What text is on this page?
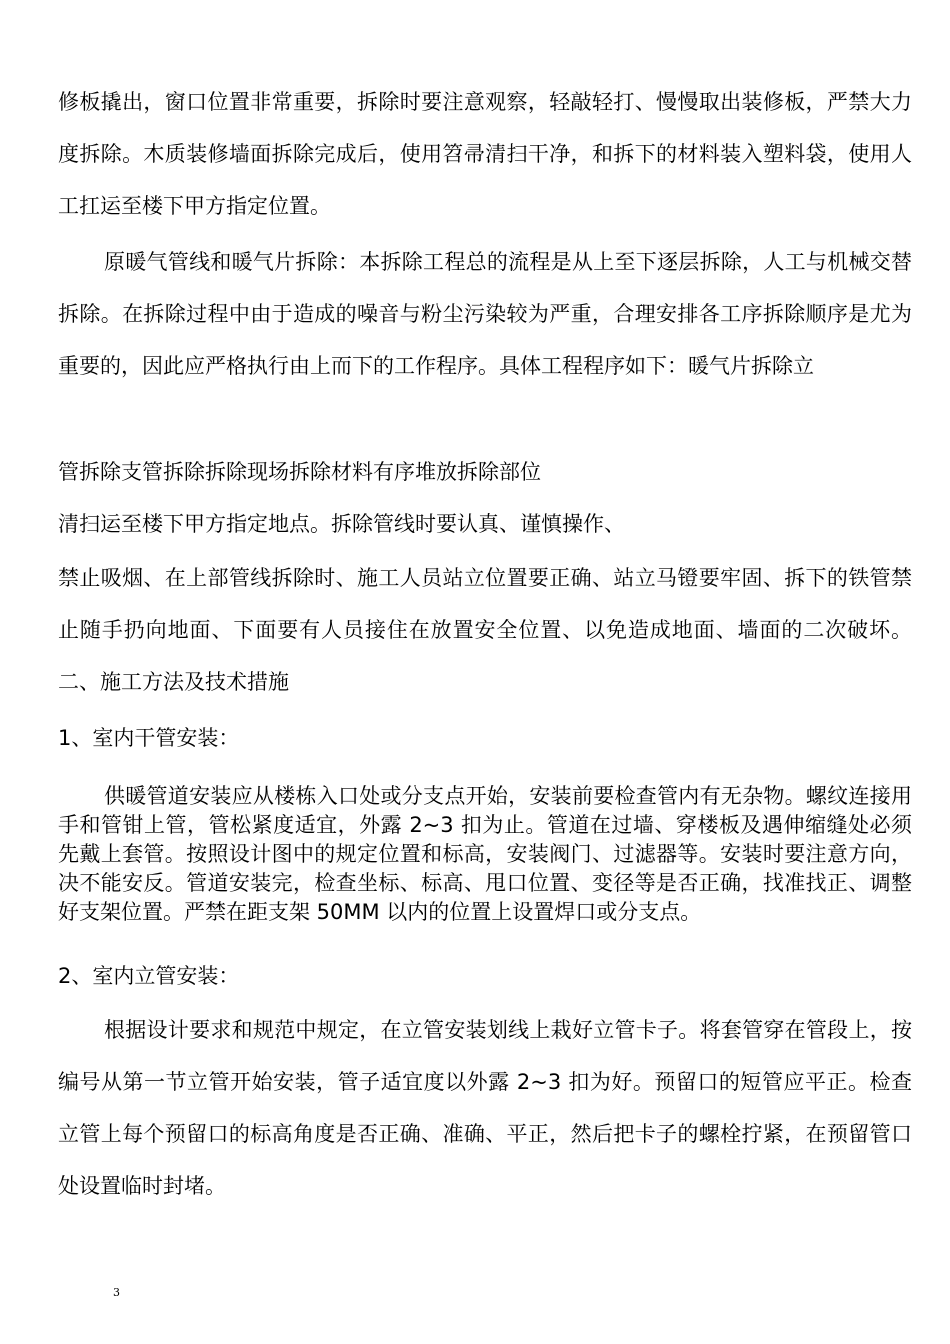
修板撬出，窗口位置非常重要，拆除时要注意观察，轻敲轻打、慢慢取出装修板，严禁大力度拆除。木质装修墙面拆除完成后，使用笤帚清扫干净，和拆下的材料装入塑料袋，使用人工扛运至楼下甲方指定位置。

原暖气管线和暖气片拆除：本拆除工程总的流程是从上至下逐层拆除，人工与机械交替拆除。在拆除过程中由于造成的噪音与粉尘污染较为严重，合理安排各工序拆除顺序是尤为重要的，因此应严格执行由上而下的工作程序。具体工程程序如下：暖气片拆除立

管拆除支管拆除拆除现场拆除材料有序堆放拆除部位

清扫运至楼下甲方指定地点。拆除管线时要认真、谨慎操作、

禁止吸烟、在上部管线拆除时、施工人员站立位置要正确、站立马镫要牢固、拆下的铁管禁止随手扔向地面、下面要有人员接住在放置安全位置、以免造成地面、墙面的二次破坏。二、施工方法及技术措施

1、室内干管安装：

供暖管道安装应从楼栋入口处或分支点开始，安装前要检查管内有无杂物。螺纹连接用手和管钳上管，管松紧度适宜，外露 2~3 扣为止。管道在过墙、穿楼板及遇伸缩缝处必须先戴上套管。按照设计图中的规定位置和标高，安装阀门、过滤器等。安装时要注意方向，决不能安反。管道安装完，检查坐标、标高、甩口位置、变径等是否正确，找准找正、调整好支架位置。严禁在距支架 50MM 以内的位置上设置焊口或分支点。

2、室内立管安装：

根据设计要求和规范中规定，在立管安装划线上栽好立管卡子。将套管穿在管段上，按编号从第一节立管开始安装，管子适宜度以外露 2~3 扣为好。预留口的短管应平正。检查立管上每个预留口的标高角度是否正确、准确、平正，然后把卡子的螺栓拧紧，在预留管口处设置临时封堵。

3
